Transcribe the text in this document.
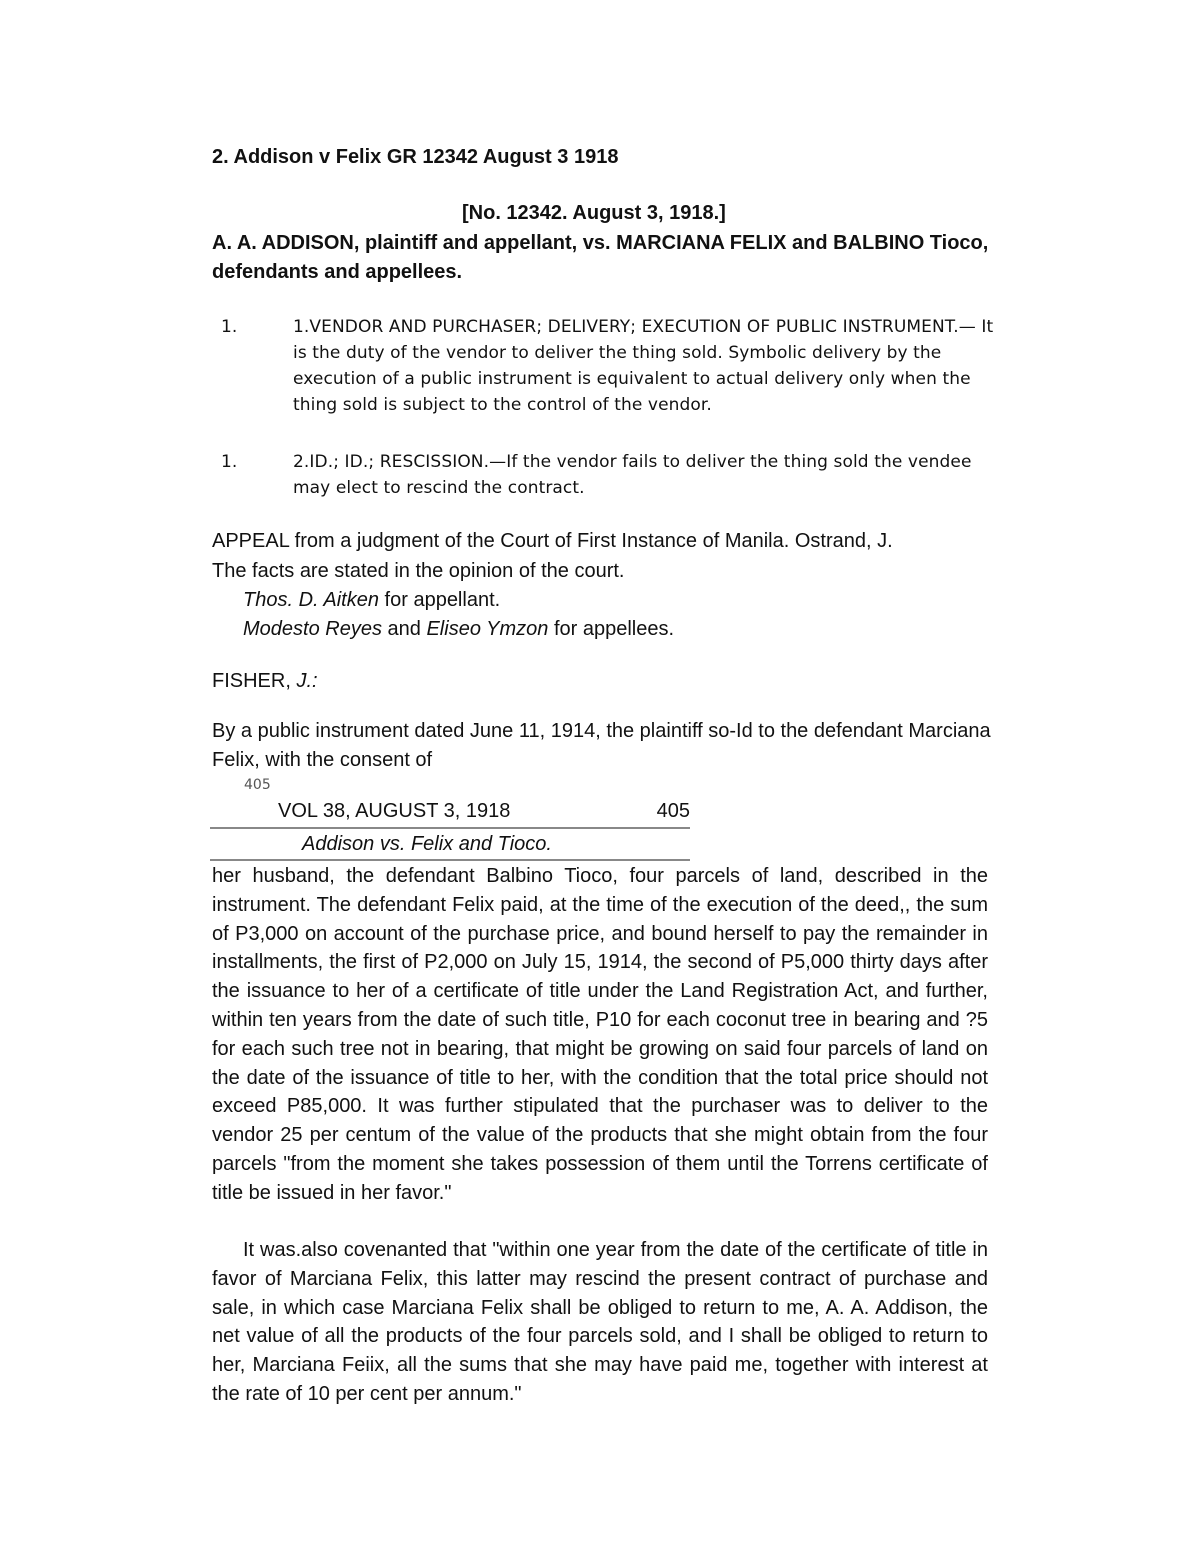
2. Addison v Felix GR 12342 August 3 1918

[No. 12342. August 3, 1918.]

A. A. ADDISON, plaintiff and appellant, vs. MARCIANA FELIX and BALBINO Tioco, defendants and appellees.

1.	1.VENDOR AND PURCHASER; DELIVERY; EXECUTION OF PUBLIC INSTRUMENT.— It is the duty of the vendor to deliver the thing sold. Symbolic delivery by the execution of a public instrument is equivalent to actual delivery only when the thing sold is subject to the control of the vendor.
1.	2.ID.; ID.; RESCISSION.—If the vendor fails to deliver the thing sold the vendee may elect to rescind the contract.

APPEAL from a judgment of the Court of First Instance of Manila. Ostrand, J.

The facts are stated in the opinion of the court.

Thos. D. Aitken for appellant.

Modesto Reyes and Eliseo Ymzon for appellees.

FISHER, J.:

By a public instrument dated June 11, 1914, the plaintiff so-Id to the defendant Marciana Felix, with the consent of

405

VOL 38, AUGUST 3, 1918	405
Addison vs. Felix and Tioco.

her husband, the defendant Balbino Tioco, four parcels of land, described in the instrument. The defendant Felix paid, at the time of the execution of the deed,, the sum of P3,000 on account of the purchase price, and bound herself to pay the remainder in installments, the first of P2,000 on July 15, 1914, the second of P5,000 thirty days after the issuance to her of a certificate of title under the Land Registration Act, and further, within ten years from the date of such title, P10 for each coconut tree in bearing and ?5 for each such tree not in bearing, that might be growing on said four parcels of land on the date of the issuance of title to her, with the condition that the total price should not exceed P85,000. It was further stipulated that the purchaser was to deliver to the vendor 25 per centum of the value of the products that she might obtain from the four parcels "from the moment she takes possession of them until the Torrens certificate of title be issued in her favor."

It was.also covenanted that "within one year from the date of the certificate of title in favor of Marciana Felix, this latter may rescind the present contract of purchase and sale, in which case Marciana Felix shall be obliged to return to me, A. A. Addison, the net value of all the products of the four parcels sold, and I shall be obliged to return to her, Marciana Feiix, all the sums that she may have paid me, together with interest at the rate of 10 per cent per annum."
